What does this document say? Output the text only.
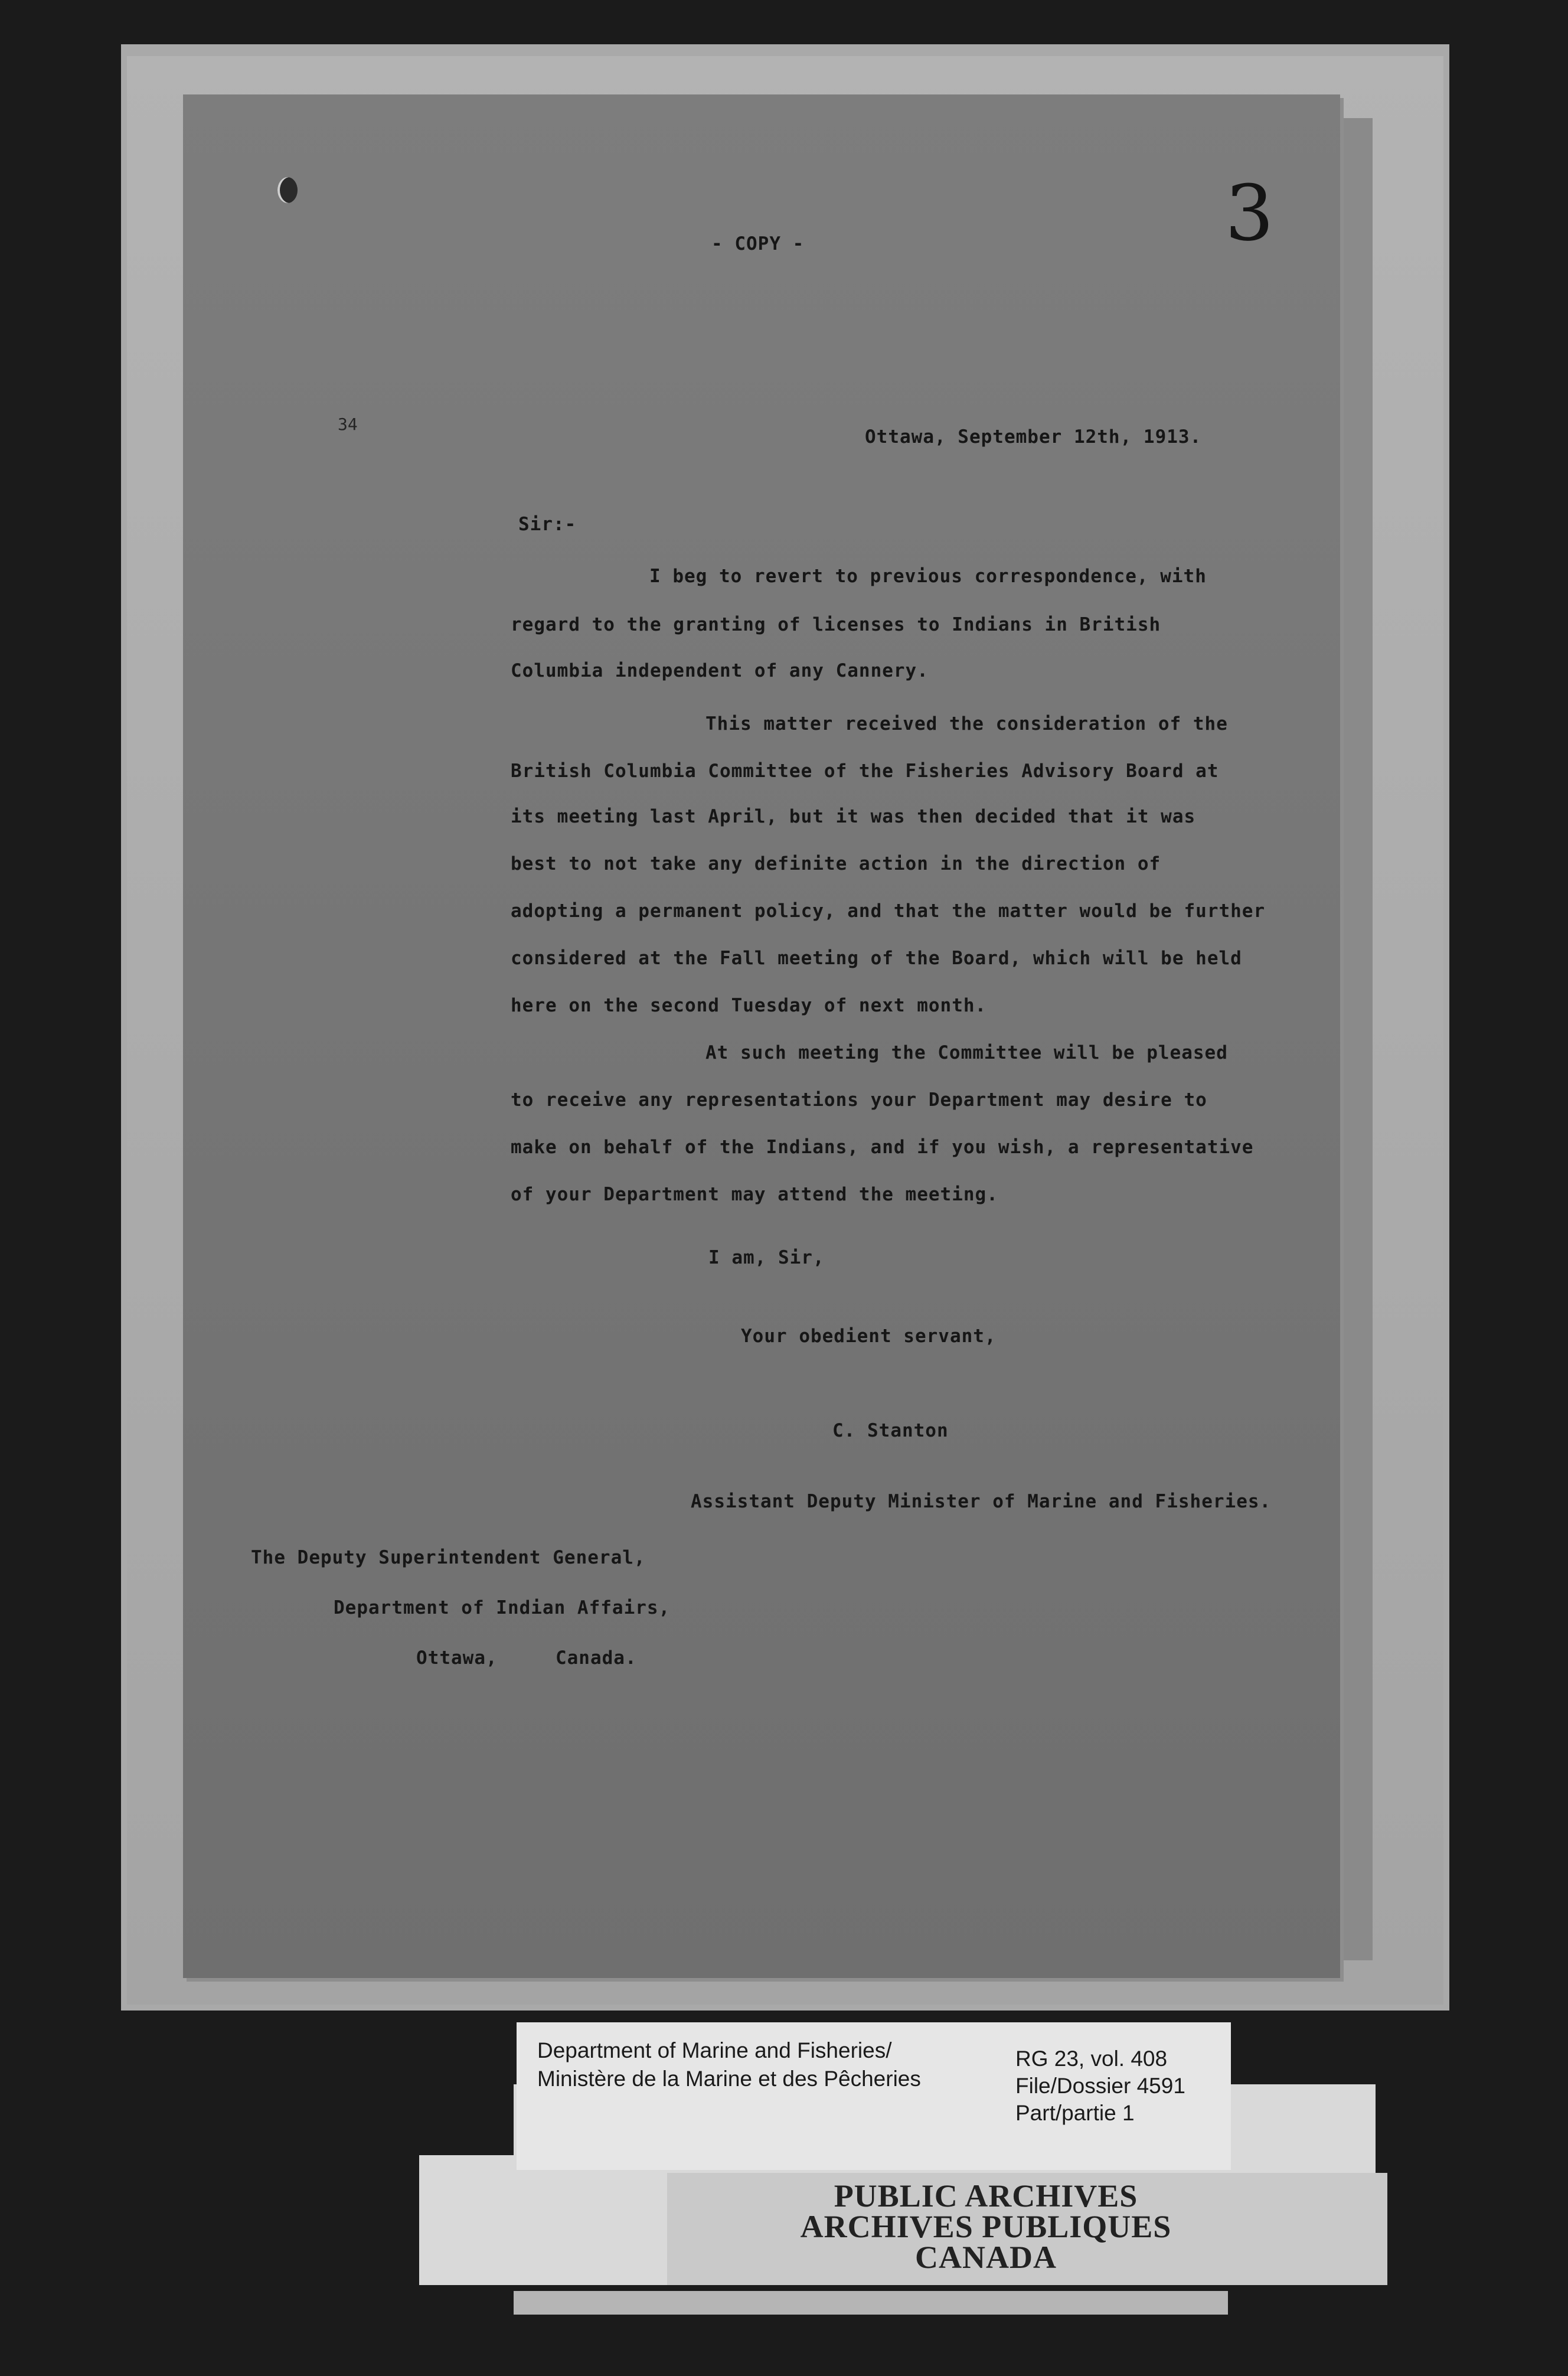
3
- COPY -
34
Ottawa, September 12th, 1913.
Sir:-
I beg to revert to previous correspondence, with
regard to the granting of licenses to Indians in British
Columbia independent of any Cannery.
This matter received the consideration of the
British Columbia Committee of the Fisheries Advisory Board at
its meeting last April, but it was then decided that it was
best to not take any definite action in the direction of
adopting a permanent policy, and that the matter would be further
considered at the Fall meeting of the Board, which will be held
here on the second Tuesday of next month.
At such meeting the Committee will be pleased
to receive any representations your Department may desire to
make on behalf of the Indians, and if you wish, a representative
of your Department may attend the meeting.
I am, Sir,
Your obedient servant,
C. Stanton
Assistant Deputy Minister of Marine and Fisheries.
The Deputy Superintendent General,
Department of Indian Affairs,
Ottawa,     Canada.
Department of Marine and Fisheries/
Ministère de la Marine et des Pêcheries
RG 23, vol. 408
File/Dossier 4591
Part/partie 1
PUBLIC ARCHIVES
ARCHIVES PUBLIQUES
CANADA
